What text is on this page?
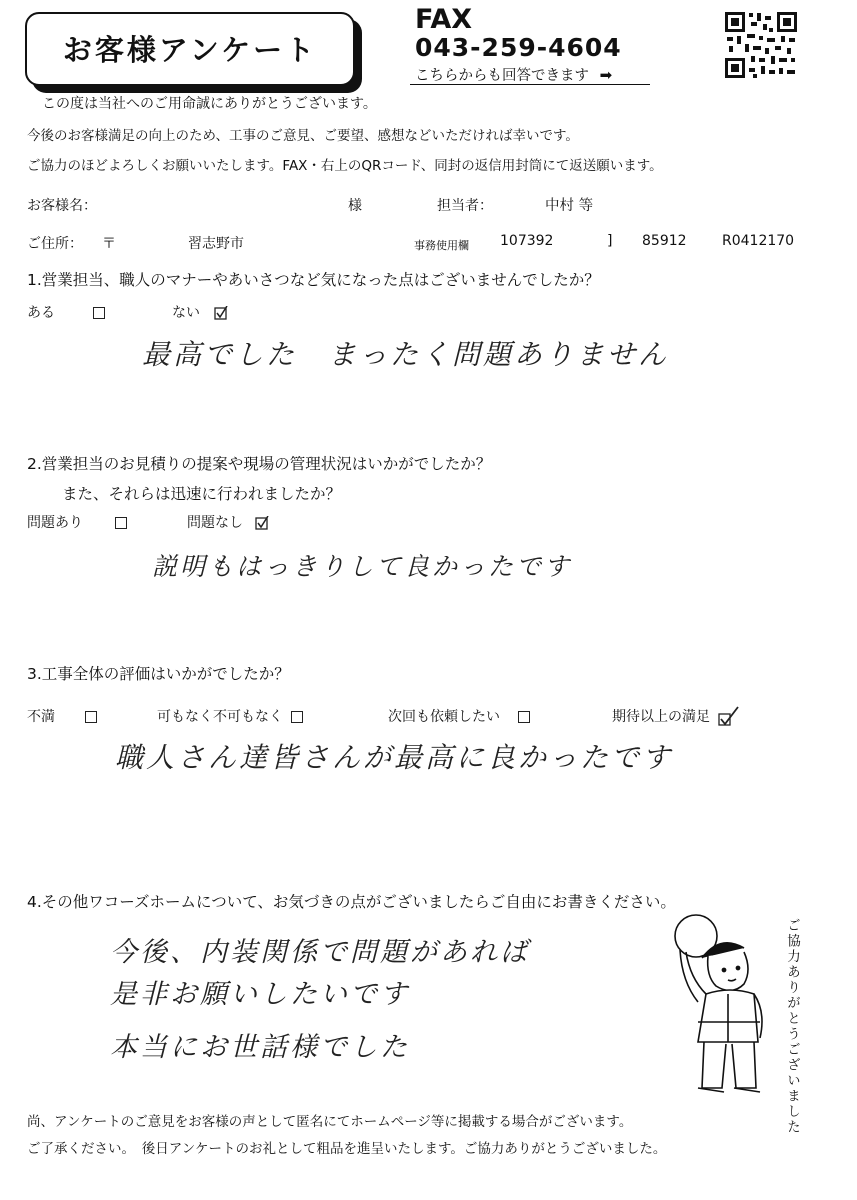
お客様アンケート
FAX
043-259-4604
こちらからも回答できます ➡
この度は当社へのご用命誠にありがとうございます。
今後のお客様満足の向上のため、工事のご意見、ご要望、感想などいただければ幸いです。
ご協力のほどよろしくお願いいたします。FAX・右上のQRコード、同封の返信用封筒にて返送願います。
お客様名：	様	担当者：	中村 等
ご住所： 〒	習志野市	事務使用欄 107392	] 85912	R0412170
1.営業担当、職人のマナーやあいさつなど気になった点はございませんでしたか？
ある	ない
最高でした　まったく問題ありません
2.営業担当のお見積りの提案や現場の管理状況はいかがでしたか？
また、それらは迅速に行われましたか？
問題あり	問題なし
説明もはっきりして良かったです
3.工事全体の評価はいかがでしたか？
不満	可もなく不可もなく	次回も依頼したい	期待以上の満足
職人さん達皆さんが最高に良かったです
4.その他ワコーズホームについて、お気づきの点がございましたらご自由にお書きください。
今後、内装関係で問題があれば
是非お願いしたいです
本当にお世話様でした	ご協力ありがとうございました
尚、アンケートのご意見をお客様の声として匿名にてホームページ等に掲載する場合がございます。
ご了承ください。　後日アンケートのお礼として粗品を進呈いたします。ご協力ありがとうございました。
